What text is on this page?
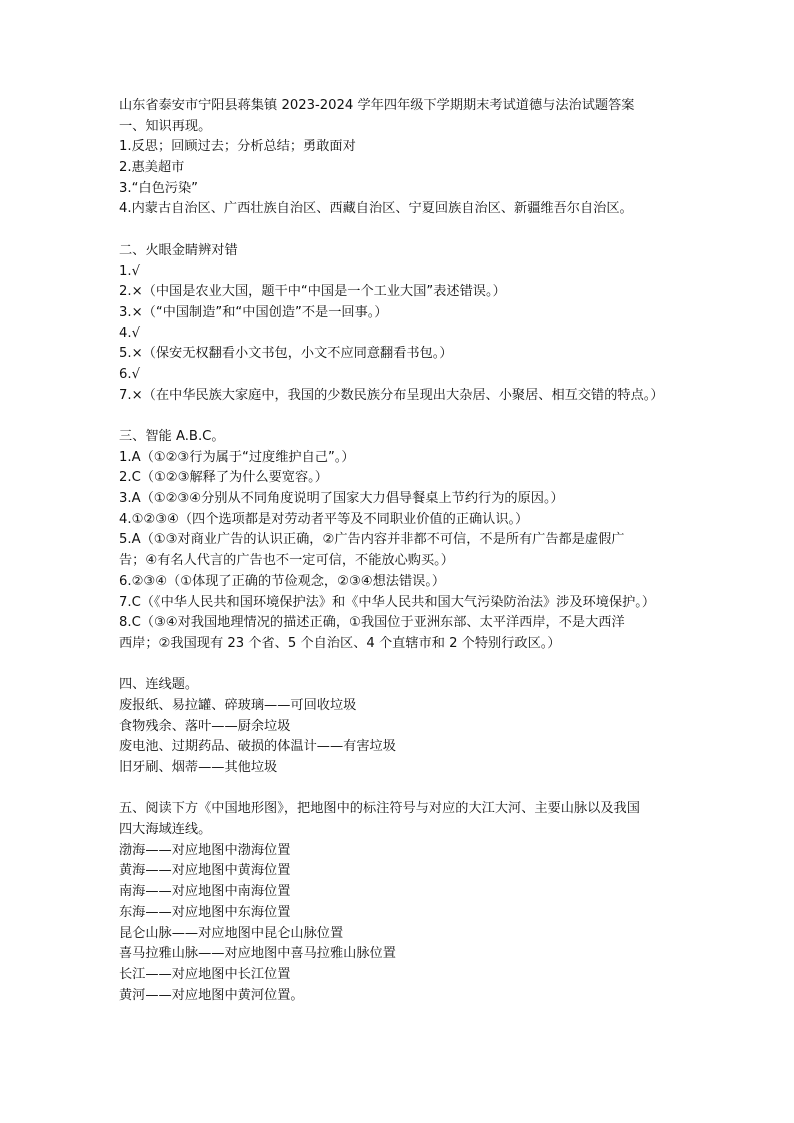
山东省泰安市宁阳县蒋集镇 2023-2024 学年四年级下学期期末考试道德与法治试题答案
一、知识再现。
1.反思；回顾过去；分析总结；勇敢面对
2.惠美超市
3.“白色污染”
4.内蒙古自治区、广西壮族自治区、西藏自治区、宁夏回族自治区、新疆维吾尔自治区。
二、火眼金睛辨对错
1.√
2.×（中国是农业大国，题干中“中国是一个工业大国”表述错误。）
3.×（“中国制造”和“中国创造”不是一回事。）
4.√
5.×（保安无权翻看小文书包，小文不应同意翻看书包。）
6.√
7.×（在中华民族大家庭中，我国的少数民族分布呈现出大杂居、小聚居、相互交错的特点。）
三、智能 A.B.C。
1.A（①②③行为属于“过度维护自己”。）
2.C（①②③解释了为什么要宽容。）
3.A（①②③④分别从不同角度说明了国家大力倡导餐桌上节约行为的原因。）
4.①②③④（四个选项都是对劳动者平等及不同职业价值的正确认识。）
5.A（①③对商业广告的认识正确，②广告内容并非都不可信，不是所有广告都是虚假广
告；④有名人代言的广告也不一定可信，不能放心购买。）
6.②③④（①体现了正确的节俭观念，②③④想法错误。）
7.C（《中华人民共和国环境保护法》和《中华人民共和国大气污染防治法》涉及环境保护。）
8.C（③④对我国地理情况的描述正确，①我国位于亚洲东部、太平洋西岸，不是大西洋
西岸；②我国现有 23 个省、5 个自治区、4 个直辖市和 2 个特别行政区。）
四、连线题。
废报纸、易拉罐、碎玻璃——可回收垃圾
食物残余、落叶——厨余垃圾
废电池、过期药品、破损的体温计——有害垃圾
旧牙刷、烟蒂——其他垃圾
五、阅读下方《中国地形图》，把地图中的标注符号与对应的大江大河、主要山脉以及我国
四大海域连线。
渤海——对应地图中渤海位置
黄海——对应地图中黄海位置
南海——对应地图中南海位置
东海——对应地图中东海位置
昆仑山脉——对应地图中昆仑山脉位置
喜马拉雅山脉——对应地图中喜马拉雅山脉位置
长江——对应地图中长江位置
黄河——对应地图中黄河位置。
